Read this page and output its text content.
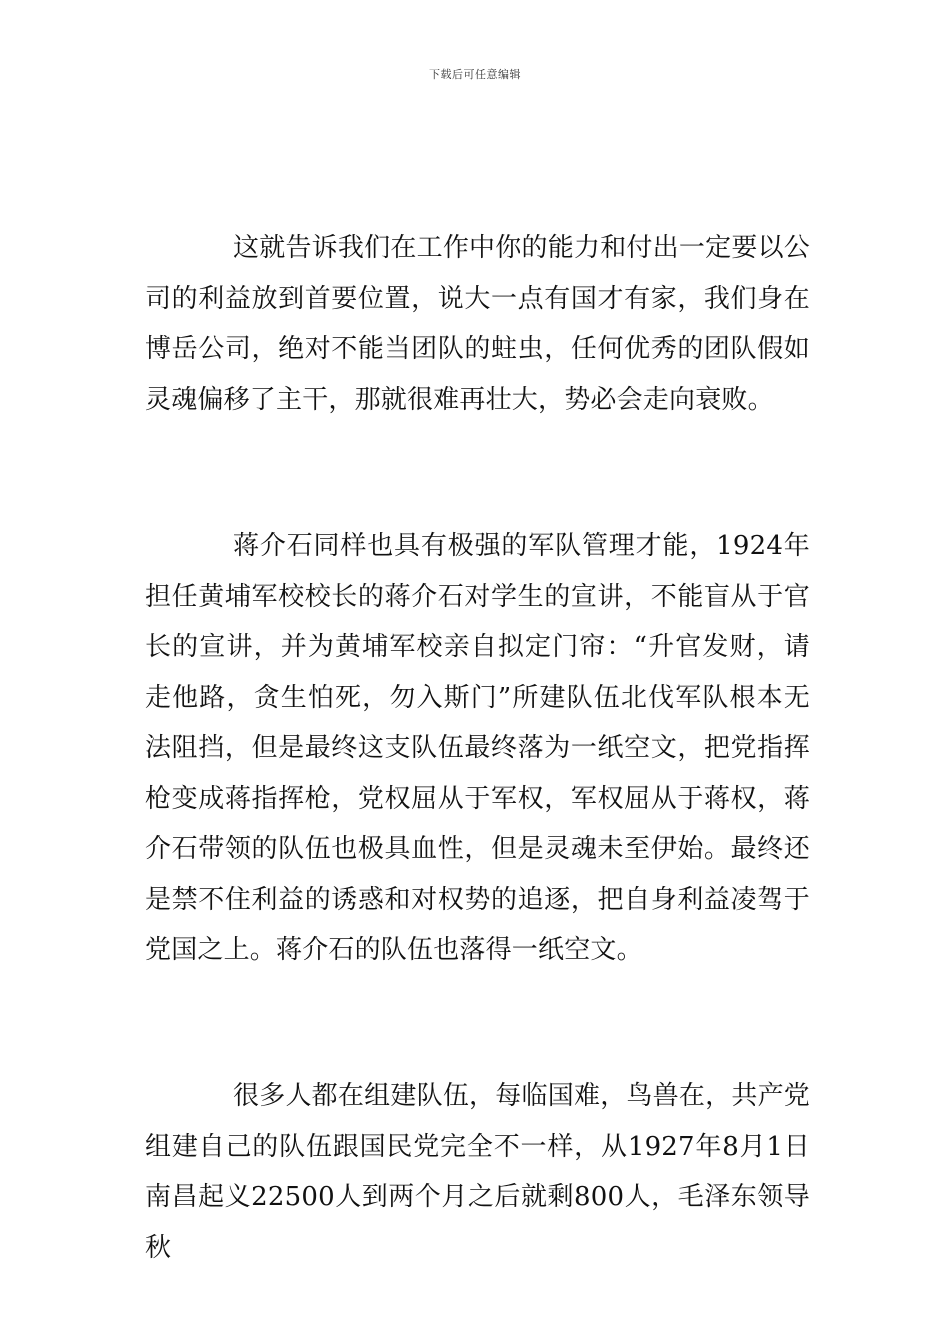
下载后可任意编辑

这就告诉我们在工作中你的能力和付出一定要以公司的利益放到首要位置，说大一点有国才有家，我们身在博岳公司，绝对不能当团队的蛀虫，任何优秀的团队假如灵魂偏移了主干，那就很难再壮大，势必会走向衰败。

蒋介石同样也具有极强的军队管理才能，1924年担任黄埔军校校长的蒋介石对学生的宣讲，不能盲从于官长的宣讲，并为黄埔军校亲自拟定门帘：“升官发财，请走他路，贪生怕死，勿入斯门”所建队伍北伐军队根本无法阻挡，但是最终这支队伍最终落为一纸空文，把党指挥枪变成蒋指挥枪，党权屈从于军权，军权屈从于蒋权，蒋介石带领的队伍也极具血性，但是灵魂未至伊始。最终还是禁不住利益的诱惑和对权势的追逐，把自身利益凌驾于党国之上。蒋介石的队伍也落得一纸空文。

很多人都在组建队伍，每临国难，鸟兽在，共产党组建自己的队伍跟国民党完全不一样，从1927年8月1日南昌起义22500人到两个月之后就剩800人，毛泽东领导秋
